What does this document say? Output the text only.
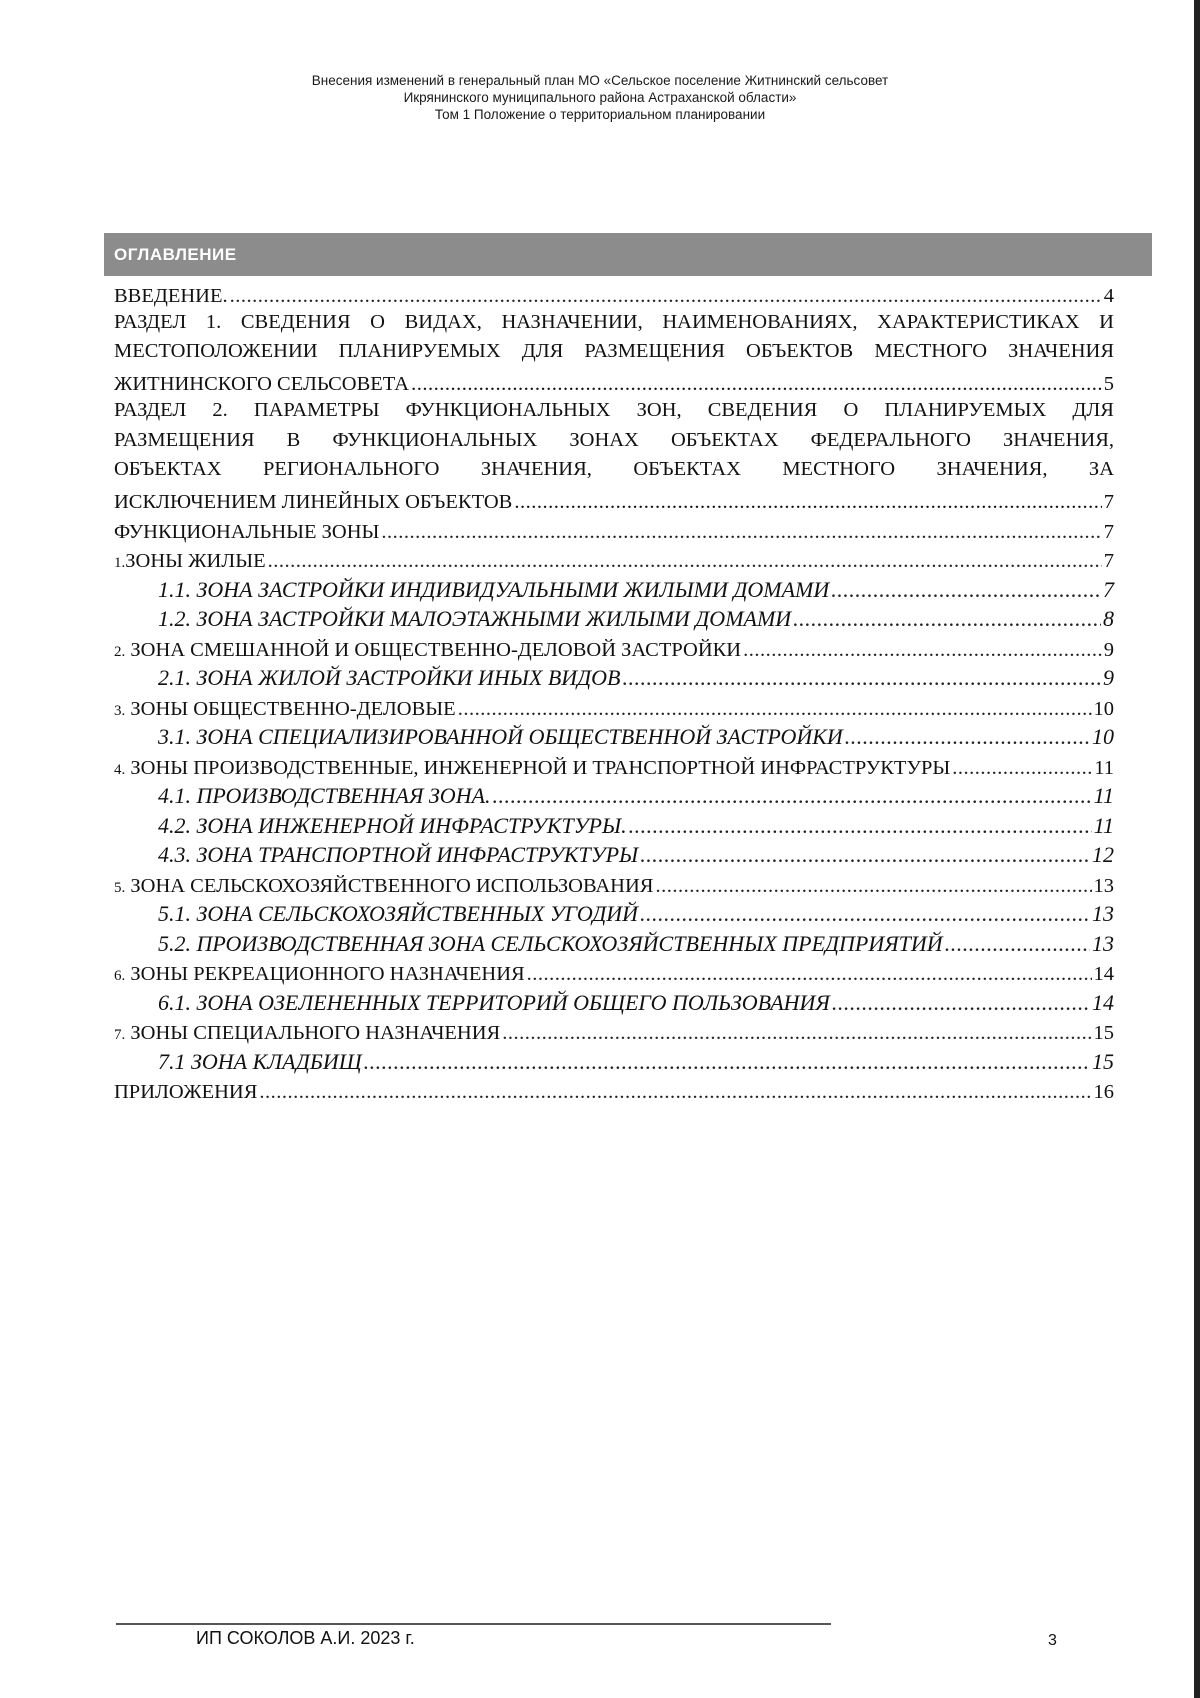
Внесения изменений в генеральный план МО «Сельское поселение Житнинский сельсовет
Икрянинского муниципального района Астраханской области»
Том 1 Положение о территориальном планировании
ОГЛАВЛЕНИЕ
ВВЕДЕНИЕ. .....	4
РАЗДЕЛ 1. СВЕДЕНИЯ О ВИДАХ, НАЗНАЧЕНИИ, НАИМЕНОВАНИЯХ, ХАРАКТЕРИСТИКАХ И
МЕСТОПОЛОЖЕНИИ ПЛАНИРУЕМЫХ ДЛЯ РАЗМЕЩЕНИЯ ОБЪЕКТОВ МЕСТНОГО ЗНАЧЕНИЯ
ЖИТНИНСКОГО СЕЛЬСОВЕТА .....	5
РАЗДЕЛ 2. ПАРАМЕТРЫ ФУНКЦИОНАЛЬНЫХ ЗОН, СВЕДЕНИЯ О ПЛАНИРУЕМЫХ ДЛЯ
РАЗМЕЩЕНИЯ В ФУНКЦИОНАЛЬНЫХ ЗОНАХ ОБЪЕКТАХ ФЕДЕРАЛЬНОГО ЗНАЧЕНИЯ,
ОБЪЕКТАХ РЕГИОНАЛЬНОГО ЗНАЧЕНИЯ, ОБЪЕКТАХ МЕСТНОГО ЗНАЧЕНИЯ, ЗА
ИСКЛЮЧЕНИЕМ ЛИНЕЙНЫХ ОБЪЕКТОВ .....	7
ФУНКЦИОНАЛЬНЫЕ ЗОНЫ .....	7
1.ЗОНЫ ЖИЛЫЕ .....	7
1.1. ЗОНА ЗАСТРОЙКИ ИНДИВИДУАЛЬНЫМИ ЖИЛЫМИ ДОМАМИ .....	7
1.2. ЗОНА ЗАСТРОЙКИ МАЛОЭТАЖНЫМИ ЖИЛЫМИ ДОМАМИ .....	8
2. ЗОНА СМЕШАННОЙ И ОБЩЕСТВЕННО-ДЕЛОВОЙ ЗАСТРОЙКИ .....	9
2.1. ЗОНА ЖИЛОЙ ЗАСТРОЙКИ ИНЫХ ВИДОВ .....	9
3. ЗОНЫ ОБЩЕСТВЕННО-ДЕЛОВЫЕ .....	10
3.1. ЗОНА СПЕЦИАЛИЗИРОВАННОЙ ОБЩЕСТВЕННОЙ ЗАСТРОЙКИ .....	10
4. ЗОНЫ ПРОИЗВОДСТВЕННЫЕ, ИНЖЕНЕРНОЙ И ТРАНСПОРТНОЙ ИНФРАСТРУКТУРЫ .....	11
4.1. ПРОИЗВОДСТВЕННАЯ ЗОНА. .....	11
4.2. ЗОНА ИНЖЕНЕРНОЙ ИНФРАСТРУКТУРЫ. .....	11
4.3. ЗОНА ТРАНСПОРТНОЙ ИНФРАСТРУКТУРЫ .....	12
5. ЗОНА СЕЛЬСКОХОЗЯЙСТВЕННОГО ИСПОЛЬЗОВАНИЯ .....	13
5.1. ЗОНА СЕЛЬСКОХОЗЯЙСТВЕННЫХ УГОДИЙ .....	13
5.2. ПРОИЗВОДСТВЕННАЯ ЗОНА СЕЛЬСКОХОЗЯЙСТВЕННЫХ ПРЕДПРИЯТИЙ .....	13
6. ЗОНЫ РЕКРЕАЦИОННОГО НАЗНАЧЕНИЯ .....	14
6.1. ЗОНА ОЗЕЛЕНЕННЫХ ТЕРРИТОРИЙ ОБЩЕГО ПОЛЬЗОВАНИЯ .....	14
7. ЗОНЫ СПЕЦИАЛЬНОГО НАЗНАЧЕНИЯ .....	15
7.1 ЗОНА КЛАДБИЩ .....	15
ПРИЛОЖЕНИЯ .....	16
ИП СОКОЛОВ А.И. 2023 г.	3
